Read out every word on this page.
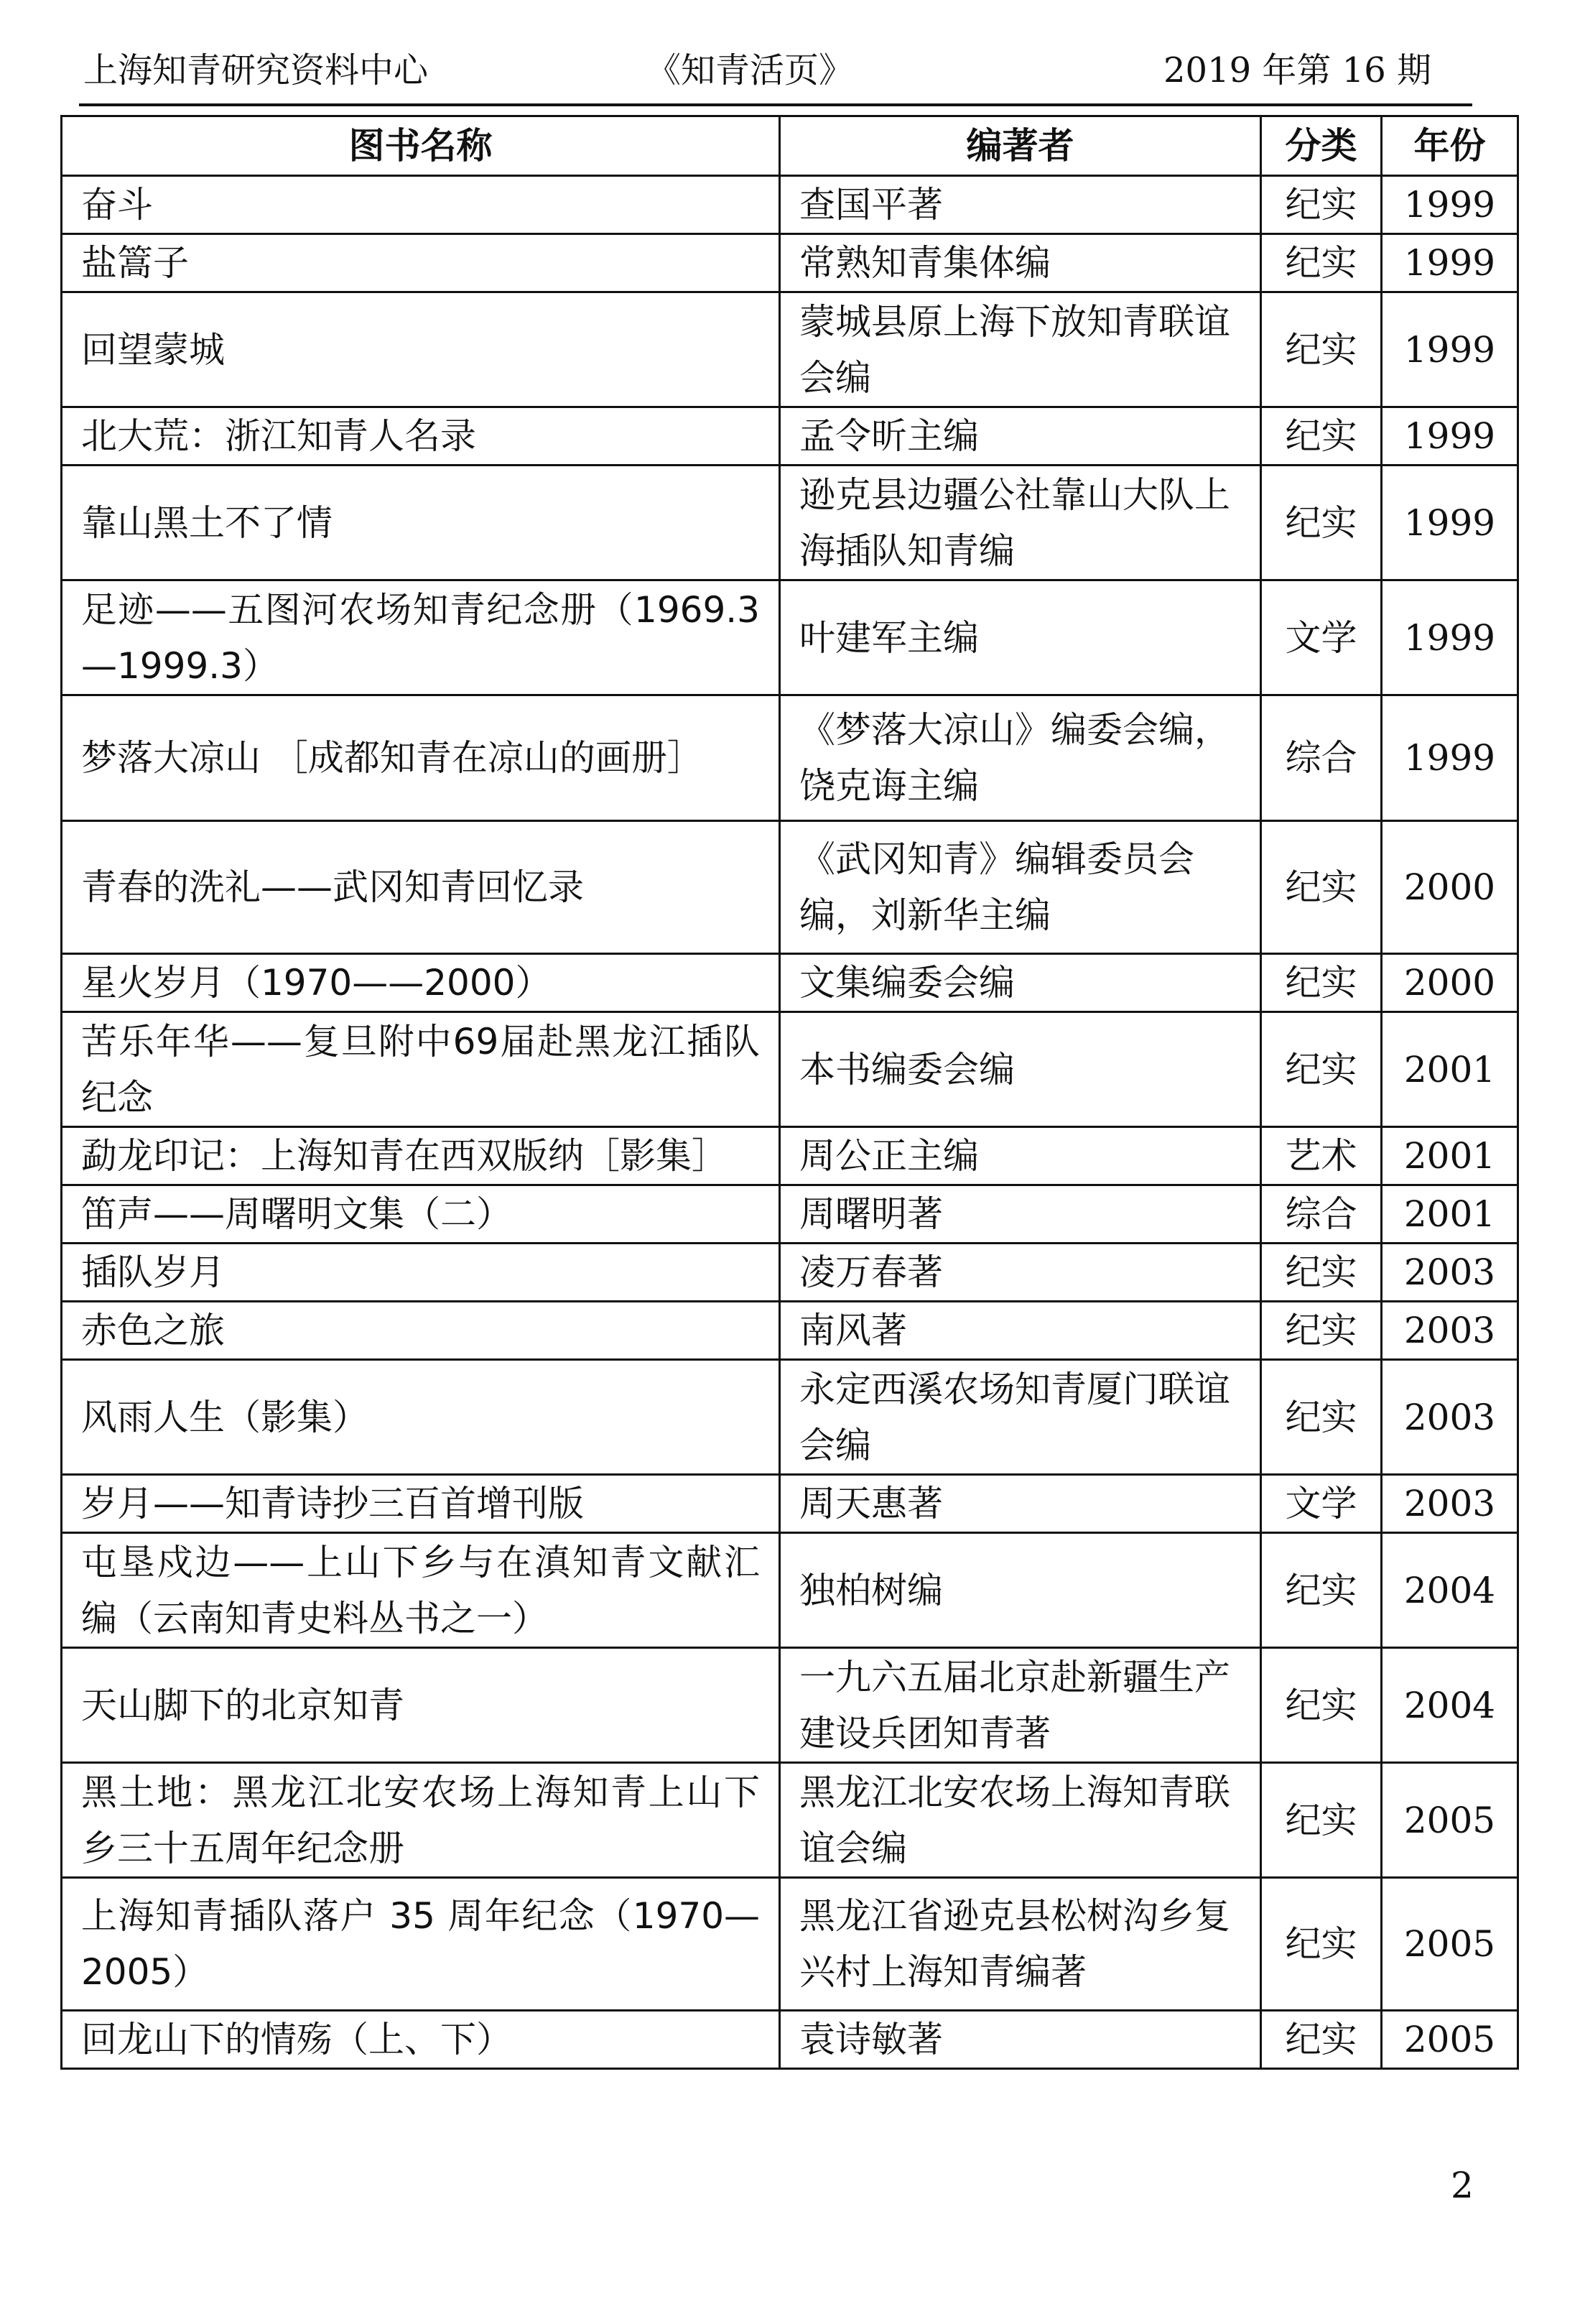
上海知青研究资料中心	《知青活页》	2019 年第 16 期
图书名称	编著者	分类	年份
奋斗	查国平著	纪实	1999
盐篙子	常熟知青集体编	纪实	1999
回望蒙城	蒙城县原上海下放知青联谊会编	纪实	1999
北大荒：浙江知青人名录	孟令昕主编	纪实	1999
靠山黑土不了情	逊克县边疆公社靠山大队上海插队知青编	纪实	1999
足迹——五图河农场知青纪念册（1969.3—1999.3）	叶建军主编	文学	1999
梦落大凉山 ［成都知青在凉山的画册］	《梦落大凉山》编委会编，饶克诲主编	综合	1999
青春的洗礼——武冈知青回忆录	《武冈知青》编辑委员会编，刘新华主编	纪实	2000
星火岁月（1970——2000）	文集编委会编	纪实	2000
苦乐年华——复旦附中69届赴黑龙江插队纪念	本书编委会编	纪实	2001
勐龙印记：上海知青在西双版纳［影集］	周公正主编	艺术	2001
笛声——周曙明文集（二）	周曙明著	综合	2001
插队岁月	凌万春著	纪实	2003
赤色之旅	南风著	纪实	2003
风雨人生（影集）	永定西溪农场知青厦门联谊会编	纪实	2003
岁月——知青诗抄三百首增刊版	周天惠著	文学	2003
屯垦戍边——上山下乡与在滇知青文献汇编（云南知青史料丛书之一）	独柏树编	纪实	2004
天山脚下的北京知青	一九六五届北京赴新疆生产建设兵团知青著	纪实	2004
黑土地：黑龙江北安农场上海知青上山下乡三十五周年纪念册	黑龙江北安农场上海知青联谊会编	纪实	2005
上海知青插队落户 35 周年纪念（1970—2005）	黑龙江省逊克县松树沟乡复兴村上海知青编著	纪实	2005
回龙山下的情殇（上、下）	袁诗敏著	纪实	2005
2
